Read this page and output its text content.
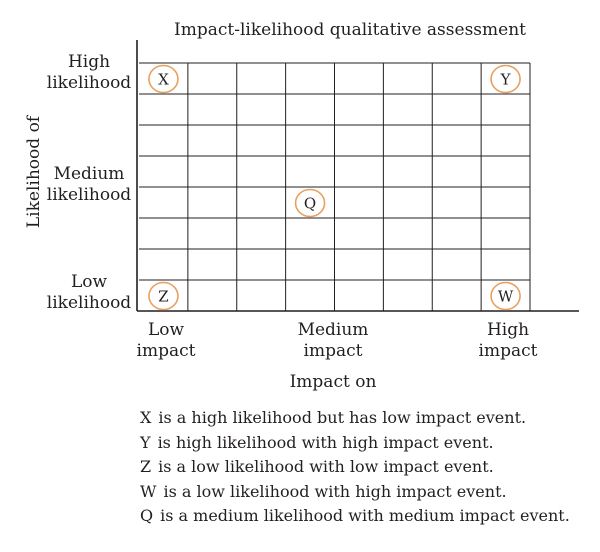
Impact-likelihood qualitative assessment
Likelihood of
High
likelihood
Medium
likelihood
Low
likelihood
X	Y
Q
Z	W
Low
impact
Medium
impact
High
impact
Impact on
X is a high likelihood but has low impact event.
Y is high likelihood with high impact event.
Z is a low likelihood with low impact event.
W is a low likelihood with high impact event.
Q is a medium likelihood with medium impact event.
